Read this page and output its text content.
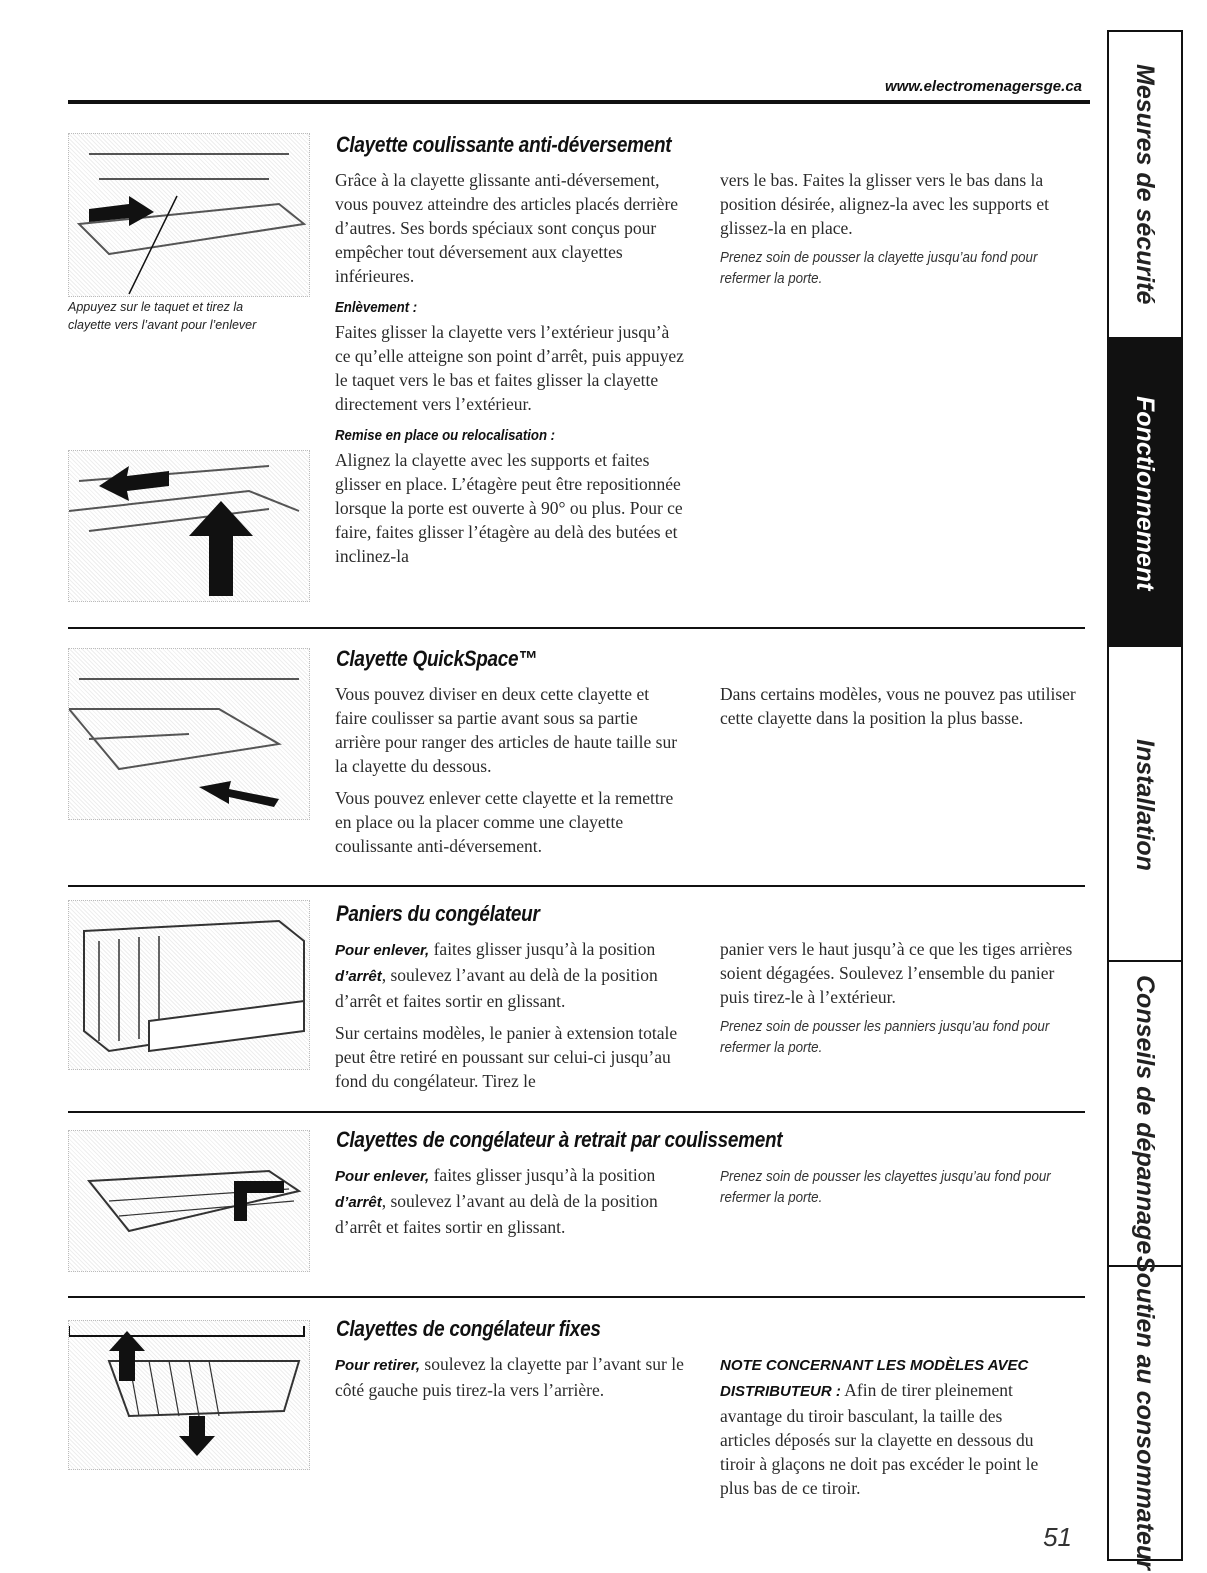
www.electromenagersge.ca
Appuyez sur le taquet et tirez la clayette vers l’avant pour l’enlever
Clayette coulissante anti-déversement

Grâce à la clayette glissante anti-déversement, vous pouvez atteindre des articles placés derrière d’autres. Ses bords spéciaux sont conçus pour empêcher tout déversement aux clayettes inférieures.

Enlèvement :

Faites glisser la clayette vers l’extérieur jusqu’à ce qu’elle atteigne son point d’arrêt, puis appuyez le taquet vers le bas et faites glisser la clayette directement vers l’extérieur.

Remise en place ou relocalisation :

Alignez la clayette avec les supports et faites glisser en place. L’étagère peut être repositionnée lorsque la porte est ouverte à 90° ou plus. Pour ce faire, faites glisser l’étagère au delà des butées et inclinez-la

vers le bas. Faites la glisser vers le bas dans la position désirée, alignez-la avec les supports et glissez-la en place.

Prenez soin de pousser la clayette jusqu’au fond pour refermer la porte.
Clayette QuickSpace™

Vous pouvez diviser en deux cette clayette et faire coulisser sa partie avant sous sa partie arrière pour ranger des articles de haute taille sur la clayette du dessous.

Vous pouvez enlever cette clayette et la remettre en place ou la placer comme une clayette coulissante anti-déversement.

Dans certains modèles, vous ne pouvez pas utiliser cette clayette dans la position la plus basse.

Paniers du congélateur

Pour enlever, faites glisser jusqu’à la position d’arrêt, soulevez l’avant au delà de la position d’arrêt et faites sortir en glissant.

Sur certains modèles, le panier à extension totale peut être retiré en poussant sur celui-ci jusqu’au fond du congélateur. Tirez le

panier vers le haut jusqu’à ce que les tiges arrières soient dégagées. Soulevez l’ensemble du panier puis tirez-le à l’extérieur.

Prenez soin de pousser les panniers jusqu’au fond pour refermer la porte.
Clayettes de congélateur à retrait par coulissement

Pour enlever, faites glisser jusqu’à la position d’arrêt, soulevez l’avant au delà de la position d’arrêt et faites sortir en glissant.

Prenez soin de pousser les clayettes jusqu’au fond pour refermer la porte.
Clayettes de congélateur fixes

Pour retirer, soulevez la clayette par l’avant sur le côté gauche puis tirez-la vers l’arrière.

NOTE CONCERNANT LES MODÈLES AVEC DISTRIBUTEUR : Afin de tirer pleinement avantage du tiroir basculant, la taille des articles déposés sur la clayette en dessous du tiroir à glaçons ne doit pas excéder le point le plus bas de ce tiroir.

51
Mesures de sécurité
Fonctionnement
Installation
Conseils de dépannage
Soutien au consommateur
